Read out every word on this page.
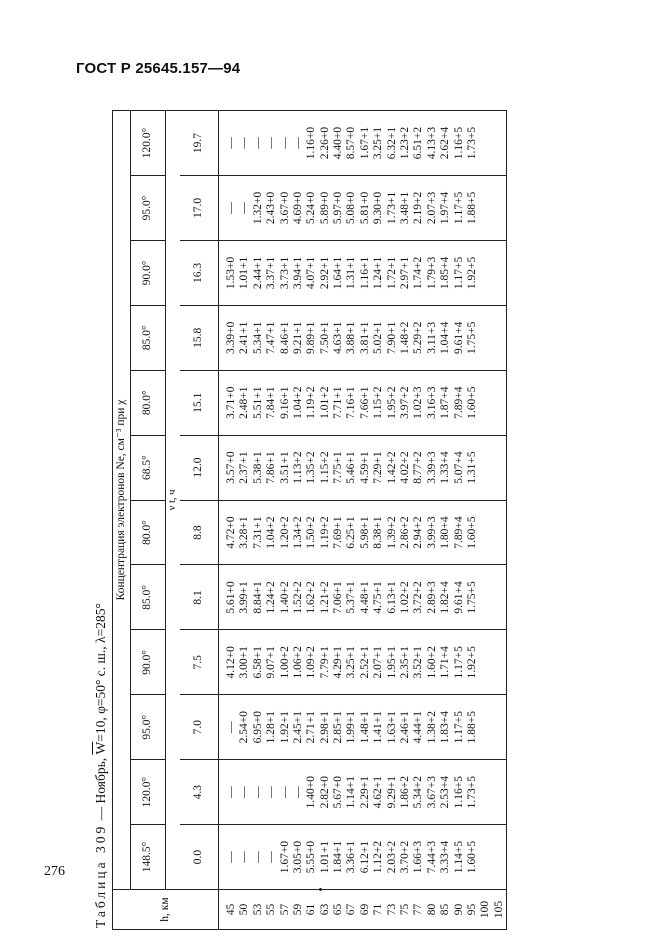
ГОСТ Р 25645.157—94
Таблица 309 — Ноябрь, $\overline{W}=10$, φ=50° с. ш., λ=285°
h, км	Концентрация электронов Ne, см⁻³ при χ											
	148.5°	120.0°	95.0°	90.0°	85.0°	80.0°	68.5°	80.0°	85.0°	90.0°	95.0°	120.0°
	ν t, ч											
	0.0	4.3	7.0	7.5	8.1	8.8	12.0	15.1	15.8	16.3	17.0	19.7

45	—	—	—	4.12+0	5.61+0	4.72+0	3.57+0	3.71+0	3.39+0	1.53+0	—	—
50	—	—	2.54+0	3.00+1	3.99+1	3.28+1	2.37+1	2.48+1	2.41+1	1.01+1	—	—
53	—	—	6.95+0	6.58+1	8.84+1	7.31+1	5.38+1	5.51+1	5.34+1	2.44+1	1.32+0	—
55	—	—	1.28+1	9.07+1	1.24+2	1.04+2	7.86+1	7.84+1	7.47+1	3.37+1	2.43+0	—
57	1.67+0	—	1.92+1	1.00+2	1.40+2	1.20+2	3.51+1	9.16+1	8.46+1	3.73+1	3.67+0	—
59	3.05+0	—	2.45+1	1.06+2	1.52+2	1.34+2	1.13+2	1.04+2	9.21+1	3.94+1	4.69+0	—
61	5.55+0	1.40+0	2.71+1	1.09+2	1.62+2	1.50+2	1.35+2	1.19+2	9.89+1	4.07+1	5.24+0	1.16+0
63	1.01+1	2.82+0	2.98+1	7.79+1	1.21+2	1.19+2	1.15+2	1.01+2	7.50+1	2.92+1	5.89+0	2.26+0
65	1.84+1	5.67+0	2.85+1	4.29+1	7.06+1	7.69+1	7.75+1	7.71+1	4.63+1	1.64+1	5.97+0	4.40+0
67	3.36+1	1.14+1	1.99+1	3.25+1	5.37+1	6.25+1	5.46+1	7.16+1	3.88+1	1.31+1	5.08+0	8.57+0
69	6.12+1	2.29+1	1.48+1	2.52+1	4.48+1	5.98+1	4.59+1	7.66+1	3.81+1	1.16+1	5.81+0	1.67+1
71	1.12+2	4.62+1	1.41+1	2.07+1	4.75+1	8.38+1	7.29+1	1.15+2	5.02+1	1.24+1	9.30+0	3.25+1
73	2.03+2	9.29+1	1.63+1	1.95+1	6.13+1	1.39+2	1.42+2	1.95+2	7.90+1	1.72+1	1.73+1	6.32+1
75	3.70+2	1.86+2	2.46+1	2.35+1	1.02+2	2.86+2	4.02+2	3.97+2	1.48+2	2.97+1	3.48+1	1.23+2
77	1.66+3	5.34+2	4.44+1	3.52+1	3.72+2	2.94+2	8.77+2	1.02+3	5.29+2	1.74+2	2.19+2	6.51+2
80	7.44+3	3.67+3	1.38+2	1.60+2	2.89+3	3.99+3	3.39+3	3.16+3	3.11+3	1.79+3	2.07+3	4.13+3
85	3.33+4	2.53+4	1.83+4	1.71+4	1.82+4	1.80+4	1.33+4	1.87+4	1.04+4	1.85+4	1.97+4	2.62+4
90	1.14+5	1.16+5	1.17+5	1.17+5	9.61+4	7.89+4	5.07+4	7.89+4	9.61+4	1.17+5	1.17+5	1.16+5
95	1.60+5	1.73+5	1.88+5	1.92+5	1.75+5	1.60+5	1.31+5	1.60+5	1.75+5	1.92+5	1.88+5	1.73+5
100												
105												
276
